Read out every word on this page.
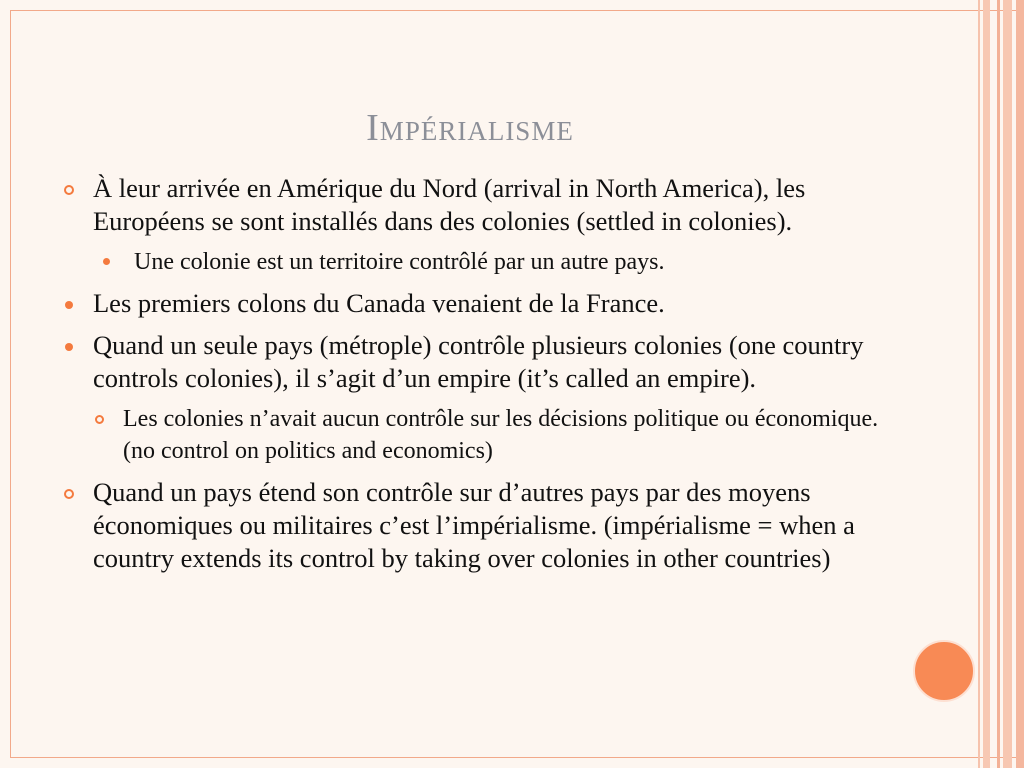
Impérialisme
À leur arrivée en Amérique du Nord (arrival in North America), les Européens se sont installés dans des colonies (settled in colonies).
Une colonie est un territoire contrôlé par un autre pays.
Les premiers colons du Canada venaient de la France.
Quand un seule pays (métrople) contrôle plusieurs colonies (one country controls colonies), il s’agit d’un empire (it’s called an empire).
Les colonies n’avait aucun contrôle sur les décisions politique ou économique. (no control on politics and economics)
Quand un pays étend son contrôle sur d’autres pays par des moyens économiques ou militaires c’est l’impérialisme. (impérialisme = when a country extends its control by taking over colonies in other countries)
